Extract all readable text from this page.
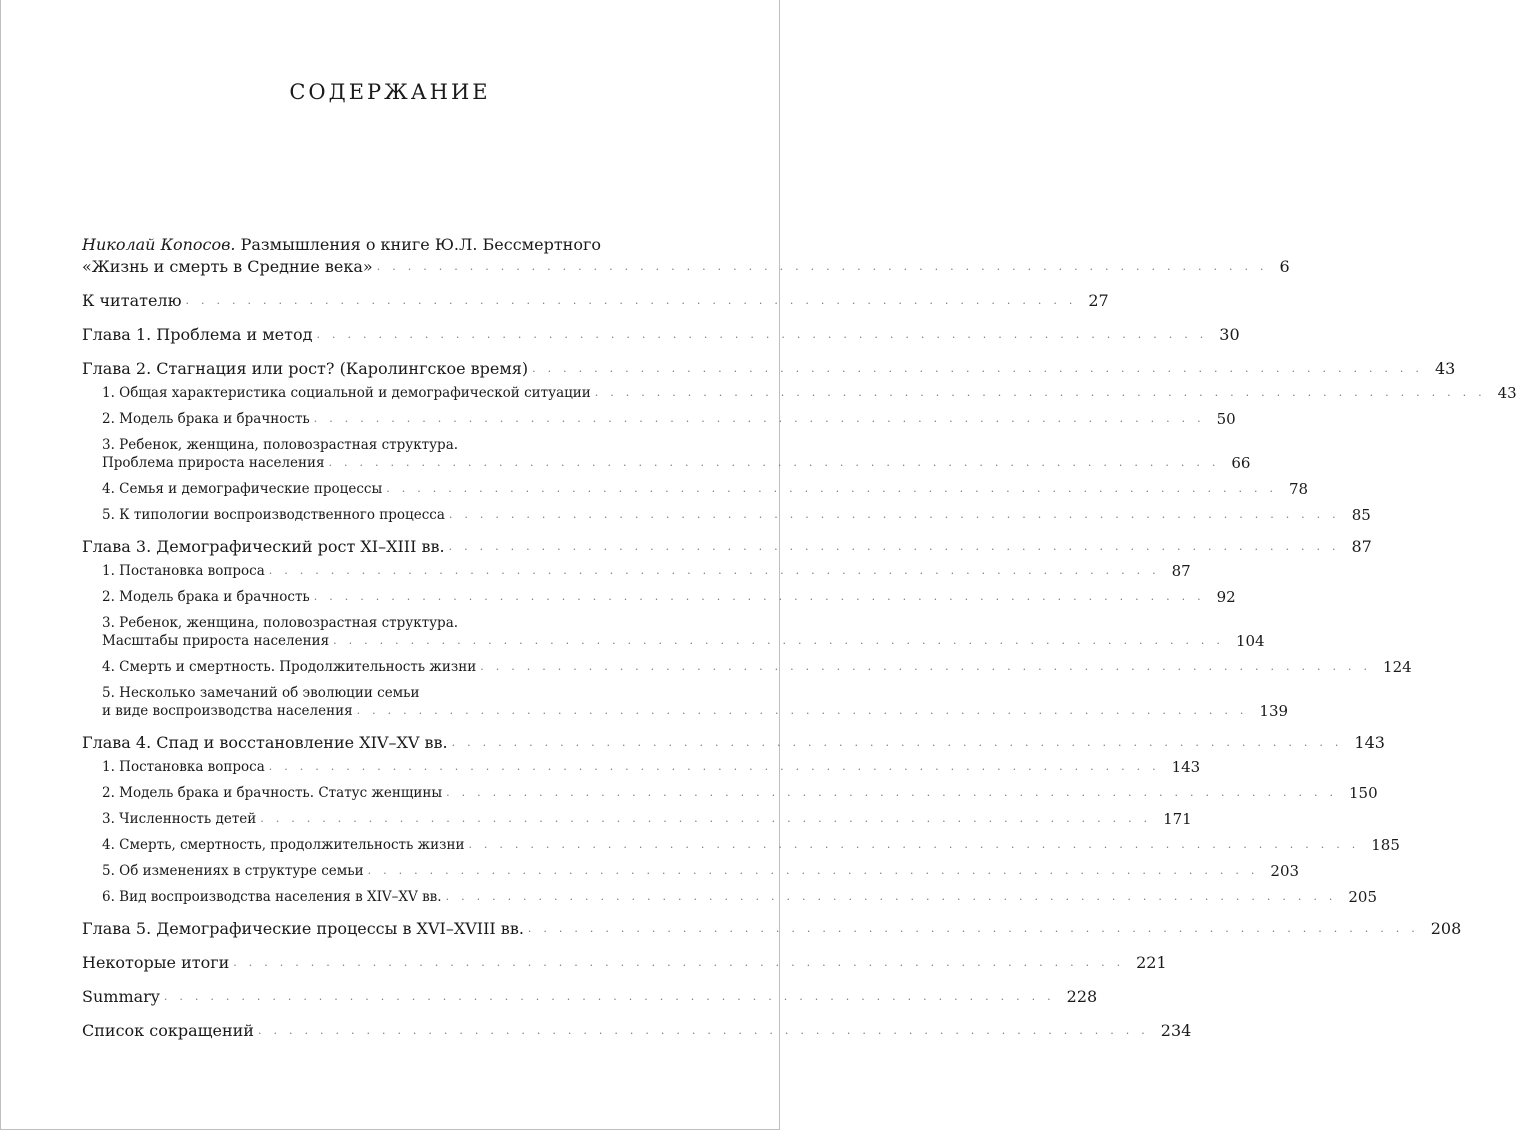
СОДЕРЖАНИЕ
Николай Копосов. Размышления о книге Ю.Л. Бессмертного
«Жизнь и смерть в Средние века» .......................................................... 6
К читателю .......................................................... 27
Глава 1. Проблема и метод .......................................................... 30
Глава 2. Стагнация или рост? (Каролингское время) .......................................................... 43
1. Общая характеристика социальной и демографической ситуации .......................................................... 43
2. Модель брака и брачность .......................................................... 50
3. Ребенок, женщина, половозрастная структура.
Проблема прироста населения .......................................................... 66
4. Семья и демографические процессы .......................................................... 78
5. К типологии воспроизводственного процесса .......................................................... 85
Глава 3. Демографический рост XI–XIII вв. .......................................................... 87
1. Постановка вопроса .......................................................... 87
2. Модель брака и брачность .......................................................... 92
3. Ребенок, женщина, половозрастная структура.
Масштабы прироста населения .......................................................... 104
4. Смерть и смертность. Продолжительность жизни .......................................................... 124
5. Несколько замечаний об эволюции семьи
и виде воспроизводства населения .......................................................... 139
Глава 4. Спад и восстановление XIV–XV вв. .......................................................... 143
1. Постановка вопроса .......................................................... 143
2. Модель брака и брачность. Статус женщины .......................................................... 150
3. Численность детей .......................................................... 171
4. Смерть, смертность, продолжительность жизни .......................................................... 185
5. Об изменениях в структуре семьи .......................................................... 203
6. Вид воспроизводства населения в XIV–XV вв. .......................................................... 205
Глава 5. Демографические процессы в XVI–XVIII вв. .......................................................... 208
Некоторые итоги .......................................................... 221
Summary .......................................................... 228
Список сокращений .......................................................... 234
